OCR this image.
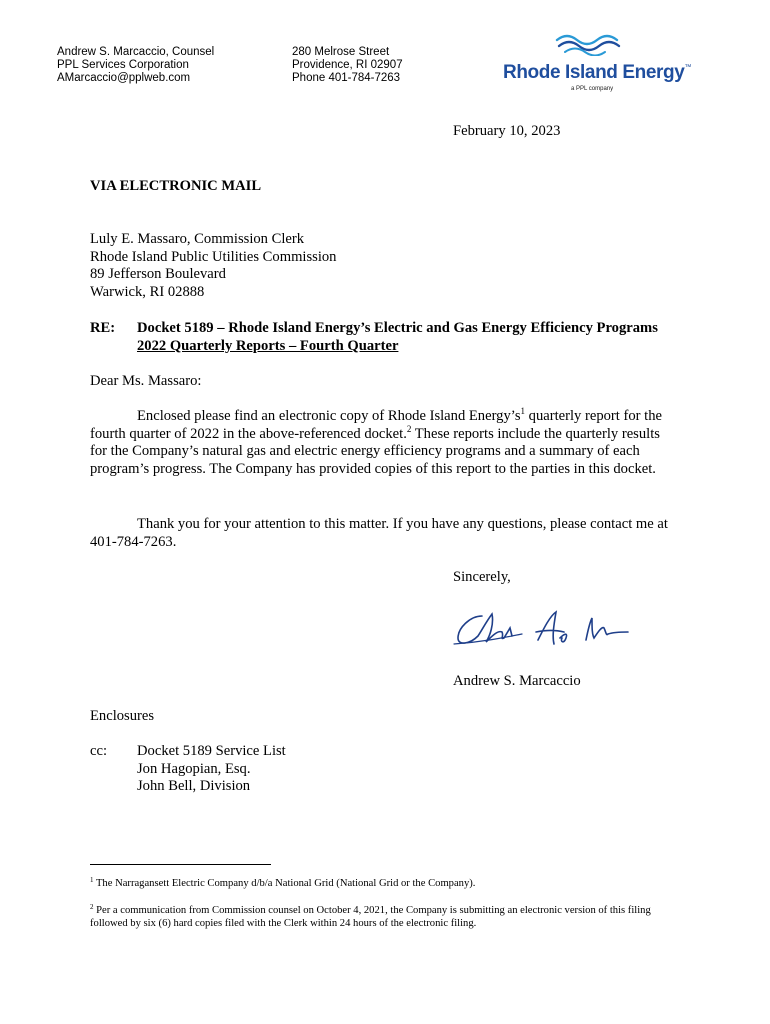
Andrew S. Marcaccio, Counsel
PPL Services Corporation
AMarcaccio@pplweb.com
280 Melrose Street
Providence, RI 02907
Phone 401-784-7263	Rhode Island Energy™
a PPL company
February 10, 2023
VIA ELECTRONIC MAIL
Luly E. Massaro, Commission Clerk
Rhode Island Public Utilities Commission
89 Jefferson Boulevard
Warwick, RI 02888
RE: Docket 5189 – Rhode Island Energy’s Electric and Gas Energy Efficiency Programs
2022 Quarterly Reports – Fourth Quarter
Dear Ms. Massaro:
Enclosed please find an electronic copy of Rhode Island $Energy’s^1$ quarterly report for the fourth quarter of 2022 in the above-referenced docket.$^2$ These reports include the quarterly results for the Company’s natural gas and electric energy efficiency programs and a summary of each program’s progress. The Company has provided copies of this report to the parties in this docket.
Thank you for your attention to this matter. If you have any questions, please contact me at 401-784-7263.
Sincerely,
Andrew S. Marcaccio
Enclosures
cc: Docket 5189 Service List
Jon Hagopian, Esq.
John Bell, Division
$^1$ The Narragansett Electric Company d/b/a National Grid (National Grid or the Company).
$^2$ Per a communication from Commission counsel on October 4, 2021, the Company is submitting an electronic version of this filing followed by six (6) hard copies filed with the Clerk within 24 hours of the electronic filing.
